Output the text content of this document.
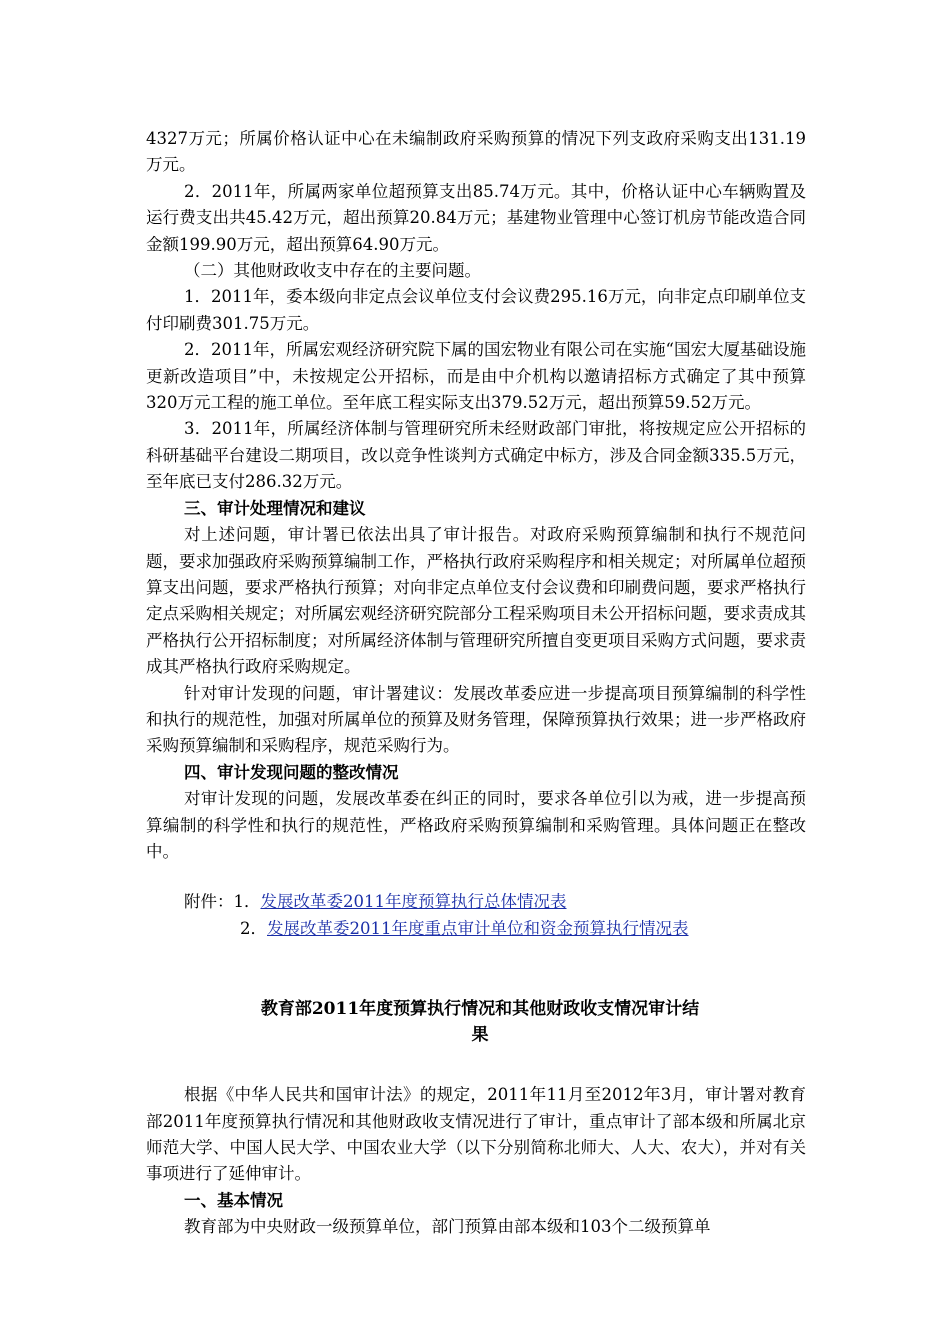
4327万元；所属价格认证中心在未编制政府采购预算的情况下列支政府采购支出131.19万元。

2．2011年，所属两家单位超预算支出85.74万元。其中，价格认证中心车辆购置及运行费支出共45.42万元，超出预算20.84万元；基建物业管理中心签订机房节能改造合同金额199.90万元，超出预算64.90万元。

（二）其他财政收支中存在的主要问题。

1．2011年，委本级向非定点会议单位支付会议费295.16万元，向非定点印刷单位支付印刷费301.75万元。

2．2011年，所属宏观经济研究院下属的国宏物业有限公司在实施“国宏大厦基础设施更新改造项目”中，未按规定公开招标，而是由中介机构以邀请招标方式确定了其中预算320万元工程的施工单位。至年底工程实际支出379.52万元，超出预算59.52万元。

3．2011年，所属经济体制与管理研究所未经财政部门审批，将按规定应公开招标的科研基础平台建设二期项目，改以竞争性谈判方式确定中标方，涉及合同金额335.5万元，至年底已支付286.32万元。

三、审计处理情况和建议

对上述问题，审计署已依法出具了审计报告。对政府采购预算编制和执行不规范问题，要求加强政府采购预算编制工作，严格执行政府采购程序和相关规定；对所属单位超预算支出问题，要求严格执行预算；对向非定点单位支付会议费和印刷费问题，要求严格执行定点采购相关规定；对所属宏观经济研究院部分工程采购项目未公开招标问题，要求责成其严格执行公开招标制度；对所属经济体制与管理研究所擅自变更项目采购方式问题，要求责成其严格执行政府采购规定。

针对审计发现的问题，审计署建议：发展改革委应进一步提高项目预算编制的科学性和执行的规范性，加强对所属单位的预算及财务管理，保障预算执行效果；进一步严格政府采购预算编制和采购程序，规范采购行为。

四、审计发现问题的整改情况

对审计发现的问题，发展改革委在纠正的同时，要求各单位引以为戒，进一步提高预算编制的科学性和执行的规范性，严格政府采购预算编制和采购管理。具体问题正在整改中。

附件：1．发展改革委2011年度预算执行总体情况表

2．发展改革委2011年度重点审计单位和资金预算执行情况表

教育部2011年度预算执行情况和其他财政收支情况审计结

果

根据《中华人民共和国审计法》的规定，2011年11月至2012年3月，审计署对教育部2011年度预算执行情况和其他财政收支情况进行了审计，重点审计了部本级和所属北京师范大学、中国人民大学、中国农业大学（以下分别简称北师大、人大、农大），并对有关事项进行了延伸审计。

一、基本情况

教育部为中央财政一级预算单位，部门预算由部本级和103个二级预算单
